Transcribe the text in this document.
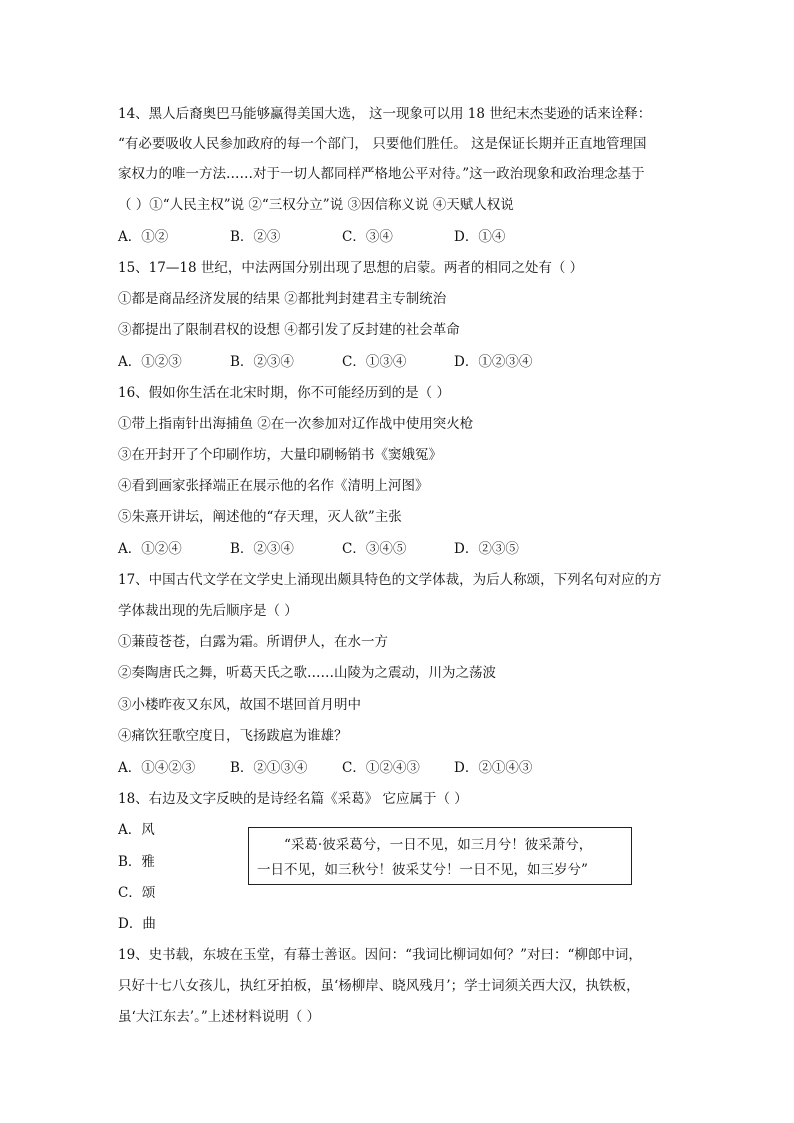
14、黑人后裔奥巴马能够赢得美国大选， 这一现象可以用 18 世纪末杰斐逊的话来诠释：
“有必要吸收人民参加政府的每一个部门， 只要他们胜任。 这是保证长期并正直地管理国
家权力的唯一方法……对于一切人都同样严格地公平对待。”这一政治现象和政治理念基于
（ ）①“人民主权”说 ②“三权分立”说 ③因信称义说 ④天赋人权说
A．①②	B．②③	C．③④	D．①④
15、17—18 世纪，中法两国分别出现了思想的启蒙。两者的相同之处有（ ）
①都是商品经济发展的结果 ②都批判封建君主专制统治
③都提出了限制君权的设想 ④都引发了反封建的社会革命
A．①②③	B．②③④	C．①③④	D．①②③④
16、假如你生活在北宋时期，你不可能经历到的是（ ）
①带上指南针出海捕鱼 ②在一次参加对辽作战中使用突火枪
③在开封开了个印刷作坊，大量印刷畅销书《窦娥冤》
④看到画家张择端正在展示他的名作《清明上河图》
⑤朱熹开讲坛，阐述他的“存天理，灭人欲”主张
A．①②④	B．②③④	C．③④⑤	D．②③⑤
17、中国古代文学在文学史上涌现出颇具特色的文学体裁，为后人称颂，下列名句对应的方
学体裁出现的先后顺序是（ ）
①蒹葭苍苍，白露为霜。所谓伊人，在水一方
②奏陶唐氏之舞，听葛天氏之歌……山陵为之震动，川为之荡波
③小楼昨夜又东风，故国不堪回首月明中
④痛饮狂歌空度日，飞扬跋扈为谁雄？
A．①④②③	B．②①③④	C．①②④③	D．②①④③
18、右边及文字反映的是诗经名篇《采葛》 它应属于（ ）
A．风
B．雅
C．颂
D．曲
“采葛·彼采葛兮，一日不见，如三月兮！彼采萧兮，
一日不见，如三秋兮！彼采艾兮！一日不见，如三岁兮”
19、史书载，东坡在玉堂，有幕士善讴。因问：“我词比柳词如何？”对曰：“柳郎中词，
只好十七八女孩儿，执红牙拍板，虽‘杨柳岸、晓风残月’；学士词须关西大汉，执铁板，
虽‘大江东去’。”上述材料说明（ ）
